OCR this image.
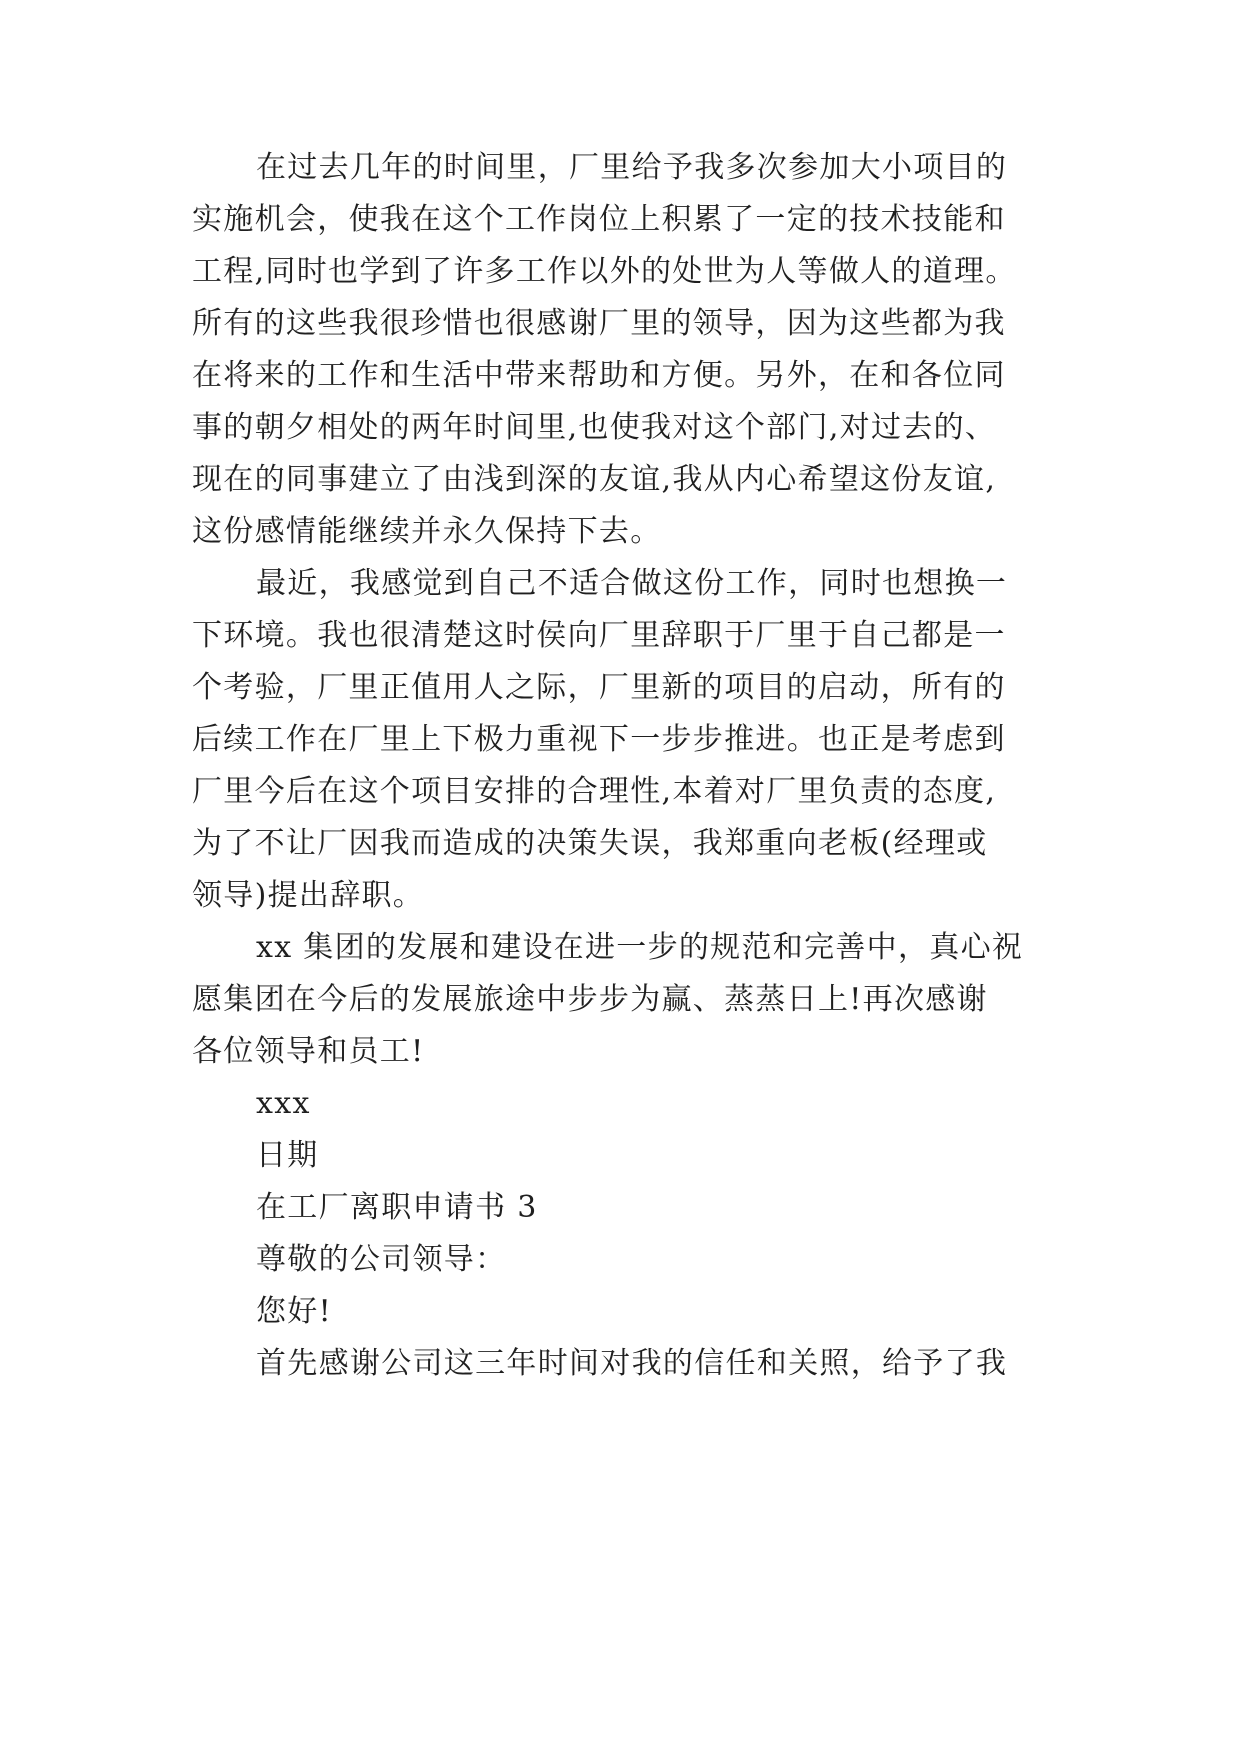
在过去几年的时间里，厂里给予我多次参加大小项目的
实施机会，使我在这个工作岗位上积累了一定的技术技能和
工程,同时也学到了许多工作以外的处世为人等做人的道理。
所有的这些我很珍惜也很感谢厂里的领导，因为这些都为我
在将来的工作和生活中带来帮助和方便。另外，在和各位同
事的朝夕相处的两年时间里,也使我对这个部门,对过去的、
现在的同事建立了由浅到深的友谊,我从内心希望这份友谊,
这份感情能继续并永久保持下去。
最近，我感觉到自己不适合做这份工作，同时也想换一
下环境。我也很清楚这时侯向厂里辞职于厂里于自己都是一
个考验，厂里正值用人之际，厂里新的项目的启动，所有的
后续工作在厂里上下极力重视下一步步推进。也正是考虑到
厂里今后在这个项目安排的合理性,本着对厂里负责的态度,
为了不让厂因我而造成的决策失误，我郑重向老板(经理或
领导)提出辞职。
xx 集团的发展和建设在进一步的规范和完善中，真心祝
愿集团在今后的发展旅途中步步为赢、蒸蒸日上!再次感谢
各位领导和员工!
xxx
日期
在工厂离职申请书 3
尊敬的公司领导：
您好!
首先感谢公司这三年时间对我的信任和关照，给予了我
